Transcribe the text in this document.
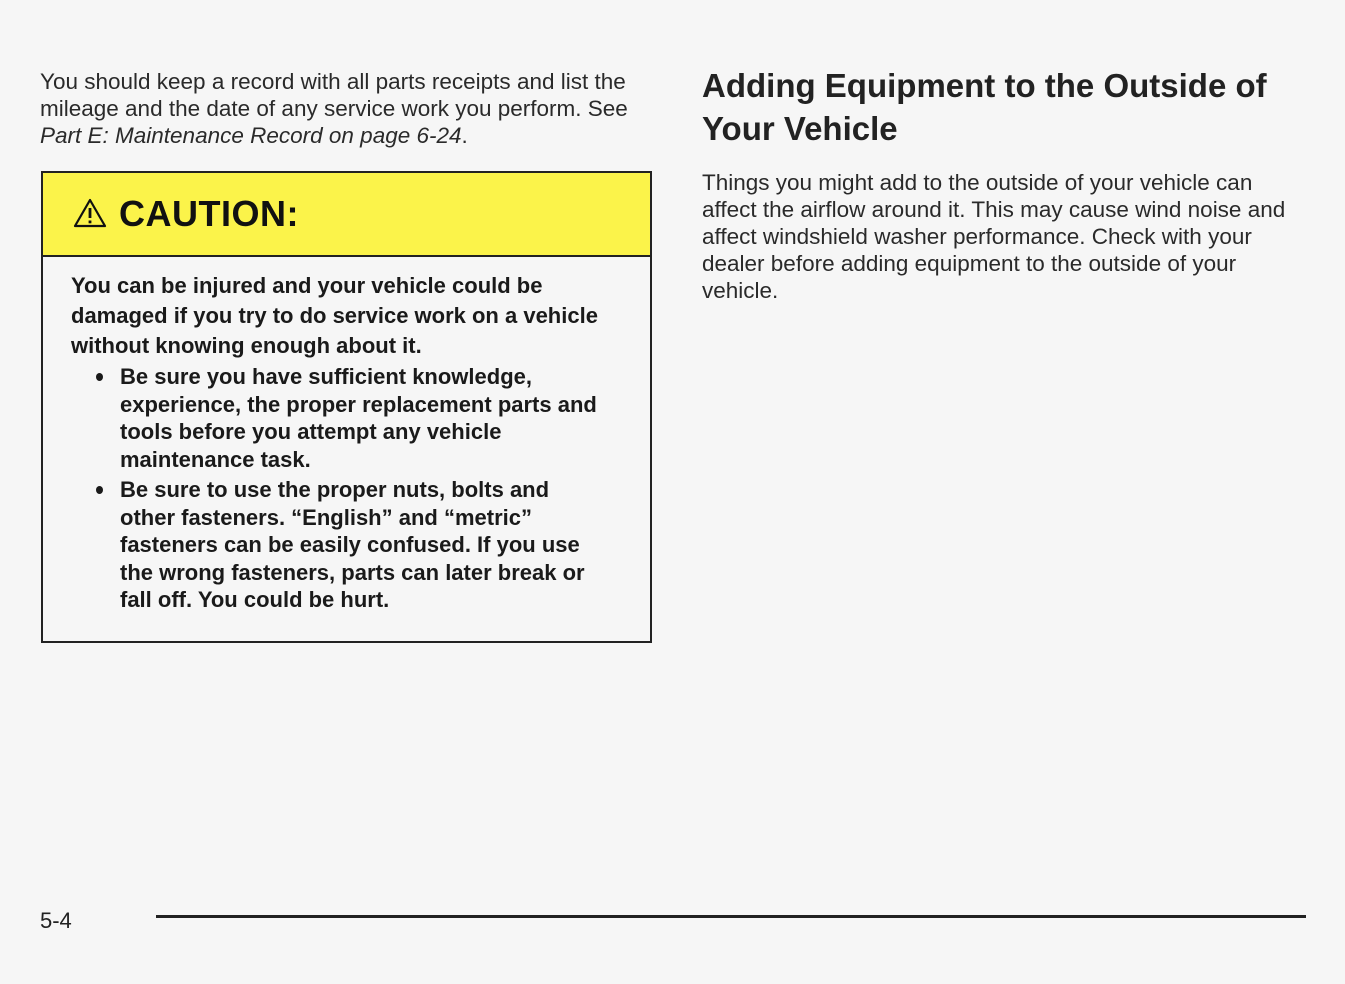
You should keep a record with all parts receipts and list the mileage and the date of any service work you perform. See Part E: Maintenance Record on page 6-24.

CAUTION:

You can be injured and your vehicle could be damaged if you try to do service work on a vehicle without knowing enough about it.

Be sure you have sufficient knowledge, experience, the proper replacement parts and tools before you attempt any vehicle maintenance task.
Be sure to use the proper nuts, bolts and other fasteners. “English” and “metric” fasteners can be easily confused. If you use the wrong fasteners, parts can later break or fall off. You could be hurt.
Adding Equipment to the Outside of Your Vehicle

Things you might add to the outside of your vehicle can affect the airflow around it. This may cause wind noise and affect windshield washer performance. Check with your dealer before adding equipment to the outside of your vehicle.

5-4
